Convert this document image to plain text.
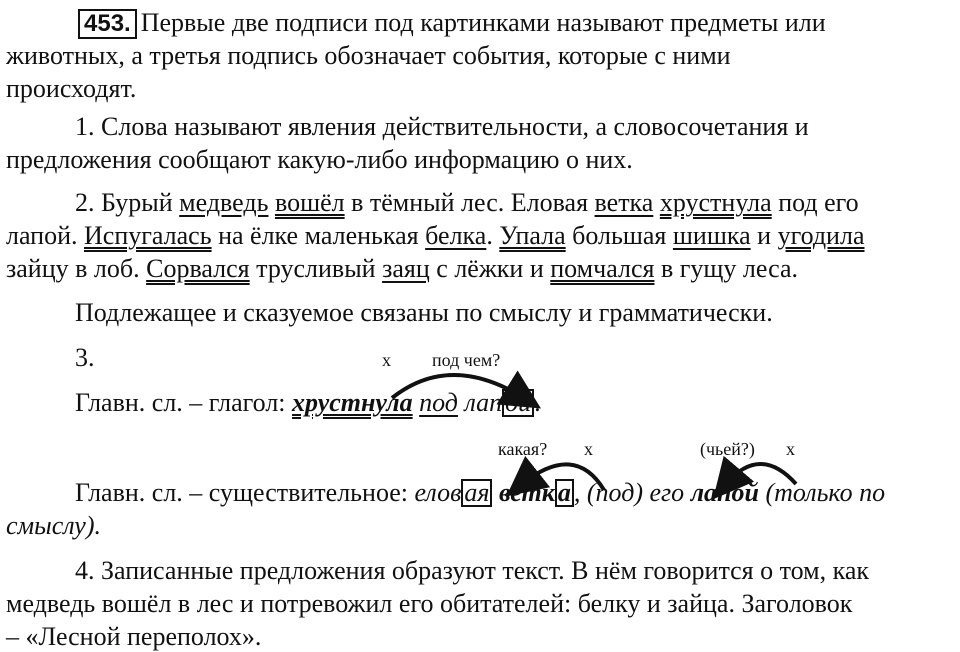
453. Первые две подписи под картинками называют предметы или
животных, а третья подпись обозначает события, которые с ними
происходят.
1. Слова называют явления действительности, а словосочетания и
предложения сообщают какую-либо информацию о них.
2. Бурый медведь вошёл в тёмный лес. Еловая ветка хрустнула под его
лапой. Испугалась на ёлке маленькая белка. Упала большая шишка и угодила
зайцу в лоб. Сорвался трусливый заяц с лёжки и помчался в гущу леса.
Подлежащее и сказуемое связаны по смыслу и грамматически.
3.	х под чем?
Главн. сл. – глагол: хрустнула под лап ой .
какая? х	(чьей?) х
Главн. сл. – существительное: елов ая ветк а , (под) его лапой (только по
смыслу).
4. Записанные предложения образуют текст. В нём говорится о том, как
медведь вошёл в лес и потревожил его обитателей: белку и зайца. Заголовок
– «Лесной переполох».
